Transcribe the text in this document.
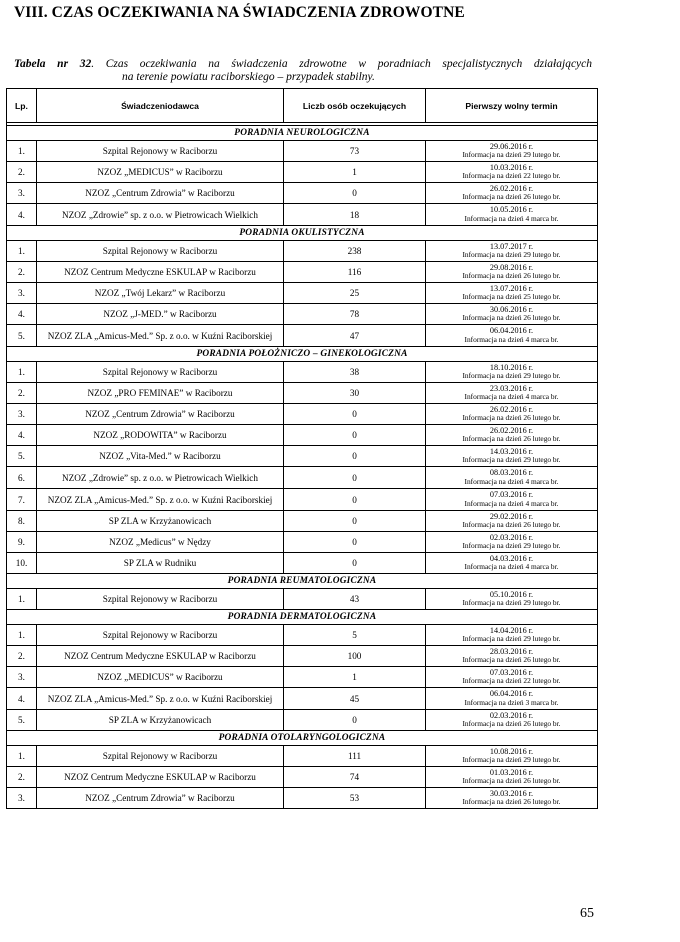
VIII. CZAS OCZEKIWANIA NA ŚWIADCZENIA ZDROWOTNE
Tabela nr 32. Czas oczekiwania na świadczenia zdrowotne w poradniach specjalistycznych działających
na terenie powiatu raciborskiego – przypadek stabilny.
Lp.	Świadczeniodawca	Liczb osób oczekujących	Pierwszy wolny termin

PORADNIA NEUROLOGICZNA			
1.	Szpital Rejonowy w Raciborzu	73	29.06.2016 r.
Informacja na dzień 29 lutego br.

2.	NZOZ „MEDICUS” w Raciborzu	1	10.03.2016 r.
Informacja na dzień 22 lutego br.

3.	NZOZ „Centrum Zdrowia” w Raciborzu	0	26.02.2016 r.
Informacja na dzień 26 lutego br.

4.	NZOZ „Zdrowie” sp. z o.o. w Pietrowicach Wielkich	18	10.05.2016 r.
Informacja na dzień 4 marca br.

PORADNIA OKULISTYCZNA			
1.	Szpital Rejonowy w Raciborzu	238	13.07.2017 r.
Informacja na dzień 29 lutego br.

2.	NZOZ Centrum Medyczne ESKULAP w Raciborzu	116	29.08.2016 r.
Informacja na dzień 26 lutego br.

3.	NZOZ „Twój Lekarz” w Raciborzu	25	13.07.2016 r.
Informacja na dzień 25 lutego br.

4.	NZOZ „J-MED.” w Raciborzu	78	30.06.2016 r.
Informacja na dzień 26 lutego br.

5.	NZOZ ZLA „Amicus-Med.” Sp. z o.o. w Kuźni Raciborskiej	47	06.04.2016 r.
Informacja na dzień 4 marca br.

PORADNIA POŁOŻNICZO – GINEKOLOGICZNA			
1.	Szpital Rejonowy w Raciborzu	38	18.10.2016 r.
Informacja na dzień 29 lutego br.

2.	NZOZ „PRO FEMINAE” w Raciborzu	30	23.03.2016 r.
Informacja na dzień 4 marca br.

3.	NZOZ „Centrum Zdrowia” w Raciborzu	0	26.02.2016 r.
Informacja na dzień 26 lutego br.

4.	NZOZ „RODOWITA” w Raciborzu	0	26.02.2016 r.
Informacja na dzień 26 lutego br.

5.	NZOZ „Vita-Med.” w Raciborzu	0	14.03.2016 r.
Informacja na dzień 29 lutego br.

6.	NZOZ „Zdrowie” sp. z o.o. w Pietrowicach Wielkich	0	08.03.2016 r.
Informacja na dzień 4 marca br.

7.	NZOZ ZLA „Amicus-Med.” Sp. z o.o. w Kuźni Raciborskiej	0	07.03.2016 r.
Informacja na dzień 4 marca br.

8.	SP ZLA w Krzyżanowicach	0	29.02.2016 r.
Informacja na dzień 26 lutego br.

9.	NZOZ „Medicus” w Nędzy	0	02.03.2016 r.
Informacja na dzień 29 lutego br.

10.	SP ZLA w Rudniku	0	04.03.2016 r.
Informacja na dzień 4 marca br.

PORADNIA REUMATOLOGICZNA			
1.	Szpital Rejonowy w Raciborzu	43	05.10.2016 r.
Informacja na dzień 29 lutego br.

PORADNIA DERMATOLOGICZNA			
1.	Szpital Rejonowy w Raciborzu	5	14.04.2016 r.
Informacja na dzień 29 lutego br.

2.	NZOZ Centrum Medyczne ESKULAP w Raciborzu	100	28.03.2016 r.
Informacja na dzień 26 lutego br.

3.	NZOZ „MEDICUS” w Raciborzu	1	07.03.2016 r.
Informacja na dzień 22 lutego br.

4.	NZOZ ZLA „Amicus-Med.” Sp. z o.o. w Kuźni Raciborskiej	45	06.04.2016 r.
Informacja na dzień 3 marca br.

5.	SP ZLA w Krzyżanowicach	0	02.03.2016 r.
Informacja na dzień 26 lutego br.

PORADNIA OTOLARYNGOLOGICZNA			
1.	Szpital Rejonowy w Raciborzu	111	10.08.2016 r.
Informacja na dzień 29 lutego br.

2.	NZOZ Centrum Medyczne ESKULAP w Raciborzu	74	01.03.2016 r.
Informacja na dzień 26 lutego br.

3.	NZOZ „Centrum Zdrowia” w Raciborzu	53	30.03.2016 r.
Informacja na dzień 26 lutego br.
65
